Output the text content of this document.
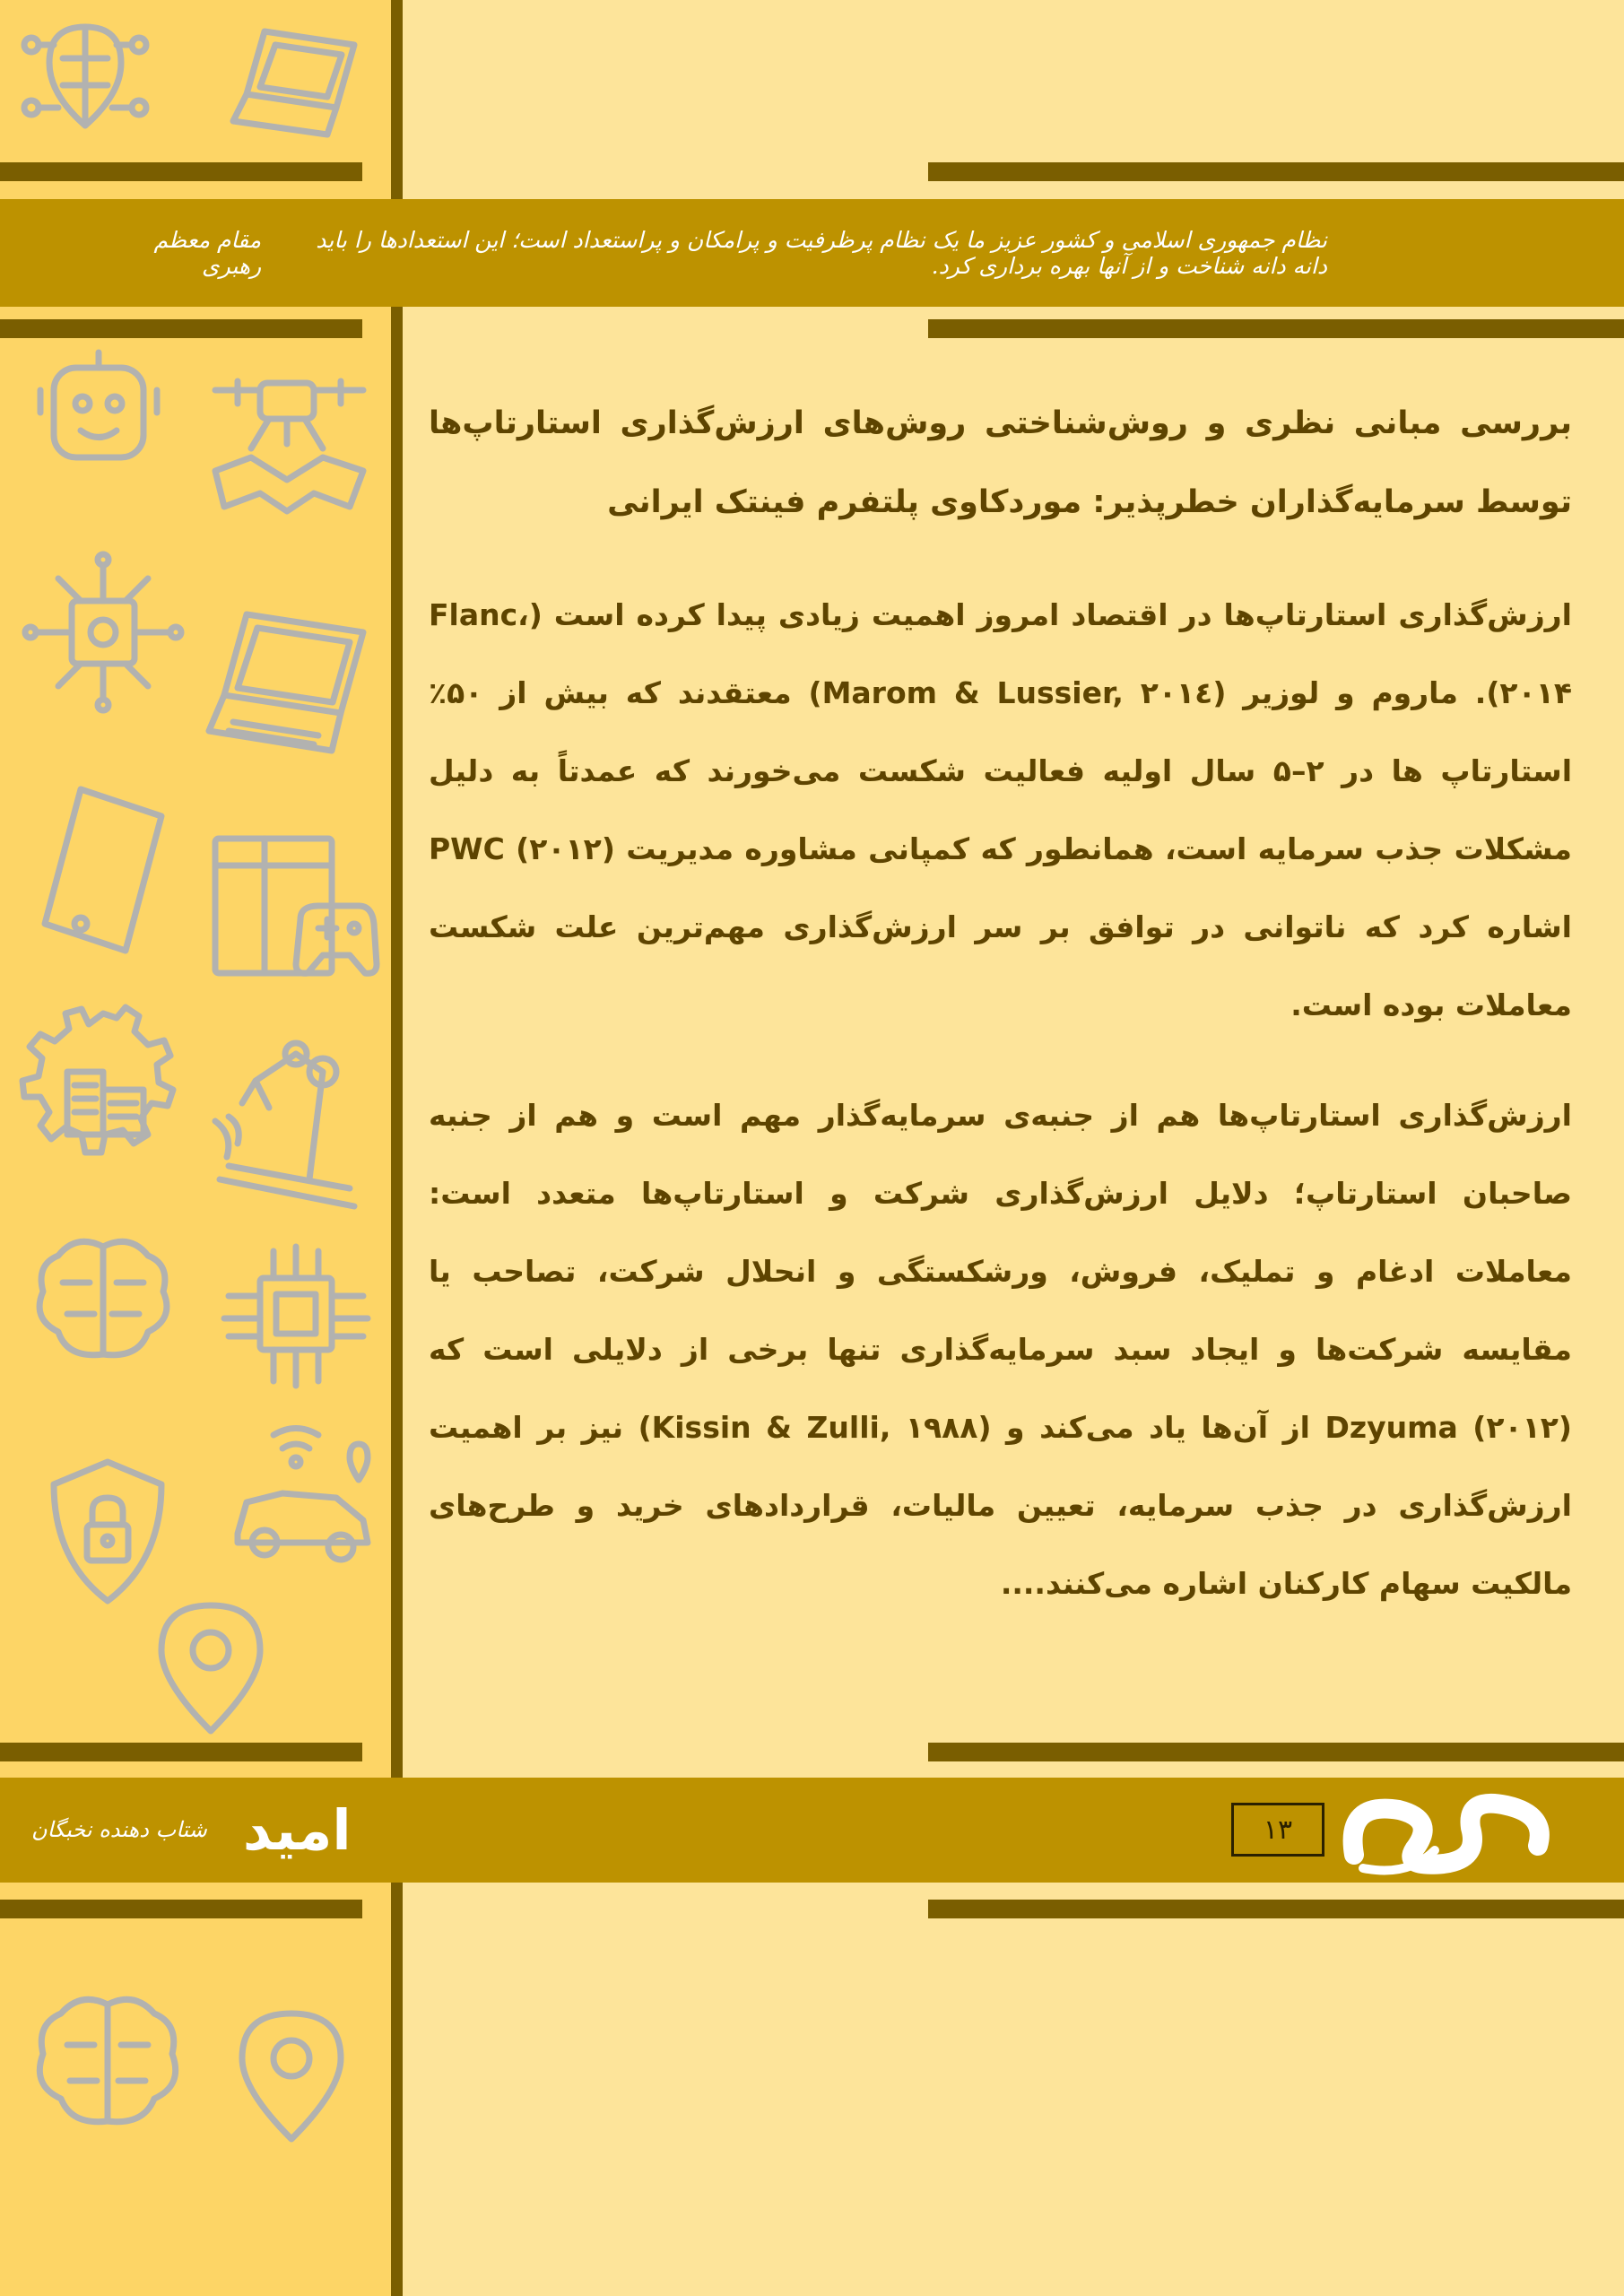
نظام جمهوری اسلامی و کشور عزیز ما یک نظام پرظرفیت و پرامکان و پراستعداد است؛ این استعدادها را باید دانه دانه شناخت و از آنها بهره برداری کرد.
مقام معظم رهبری
بررسی مبانی نظری و روش‌شناختی روش‌های ارزش‌گذاری استارتاپ‌ها توسط سرمایه‌گذاران خطرپذیر: موردکاوی پلتفرم فینتک ایرانی

ارزش‌گذاری استارتاپ‌ها در اقتصاد امروز اهمیت زیادی پیدا کرده است (Flanc، ۲۰۱۴). ماروم و لوزیر (Marom & Lussier, ۲۰۱٤) معتقدند که بیش از ۵۰٪ استارتاپ ها در ۲–۵ سال اولیه فعالیت شکست می‌خورند که عمدتاً به دلیل مشکلات جذب سرمایه است، همانطور که کمپانی مشاوره مدیریت PWC (۲۰۱۲) اشاره کرد که ناتوانی در توافق بر سر ارزش‌گذاری مهم‌ترین علت شکست معاملات بوده است.

ارزش‌گذاری استارتاپ‌ها هم از جنبه‌ی سرمایه‌گذار مهم است و هم از جنبه صاحبان استارتاپ؛ دلایل ارزش‌گذاری شرکت و استارتاپ‌ها متعدد است: معاملات ادغام و تملیک، فروش، ورشکستگی و انحلال شرکت، تصاحب یا مقایسه شرکت‌ها و ایجاد سبد سرمایه‌گذاری تنها برخی از دلایلی است که Dzyuma (۲۰۱۲) از آن‌ها یاد می‌کند و (Kissin & Zulli, ۱۹۸۸) نیز بر اهمیت ارزش‌گذاری در جذب سرمایه، تعیین مالیات، قراردادهای خرید و طرح‌های مالکیت سهام کارکنان اشاره می‌کنند....

امید
شتاب دهنده نخبگان	۱۳
